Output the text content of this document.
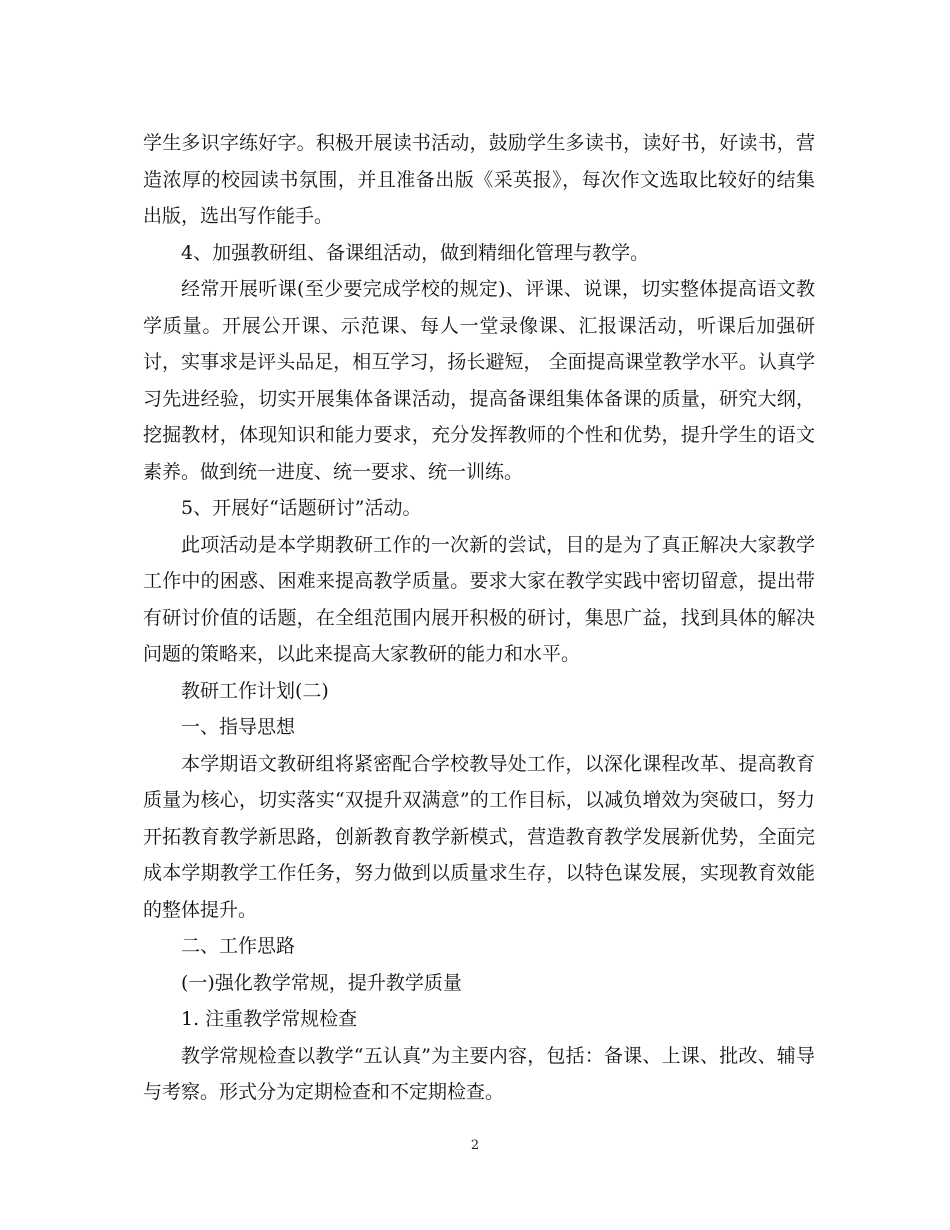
学生多识字练好字。积极开展读书活动，鼓励学生多读书，读好书，好读书，营造浓厚的校园读书氛围，并且准备出版《采英报》，每次作文选取比较好的结集出版，选出写作能手。

4、加强教研组、备课组活动，做到精细化管理与教学。

经常开展听课(至少要完成学校的规定)、评课、说课，切实整体提高语文教学质量。开展公开课、示范课、每人一堂录像课、汇报课活动，听课后加强研讨，实事求是评头品足，相互学习，扬长避短， 全面提高课堂教学水平。认真学习先进经验，切实开展集体备课活动，提高备课组集体备课的质量，研究大纲，挖掘教材，体现知识和能力要求，充分发挥教师的个性和优势，提升学生的语文素养。做到统一进度、统一要求、统一训练。

5、开展好“话题研讨”活动。

此项活动是本学期教研工作的一次新的尝试，目的是为了真正解决大家教学工作中的困惑、困难来提高教学质量。要求大家在教学实践中密切留意，提出带有研讨价值的话题，在全组范围内展开积极的研讨，集思广益，找到具体的解决问题的策略来，以此来提高大家教研的能力和水平。

教研工作计划(二)

一、指导思想

本学期语文教研组将紧密配合学校教导处工作，以深化课程改革、提高教育质量为核心，切实落实“双提升双满意”的工作目标，以减负增效为突破口，努力开拓教育教学新思路，创新教育教学新模式，营造教育教学发展新优势，全面完成本学期教学工作任务，努力做到以质量求生存，以特色谋发展，实现教育效能的整体提升。

二、工作思路

(一)强化教学常规，提升教学质量

1. 注重教学常规检查

教学常规检查以教学“五认真”为主要内容，包括：备课、上课、批改、辅导与考察。形式分为定期检查和不定期检查。

2
